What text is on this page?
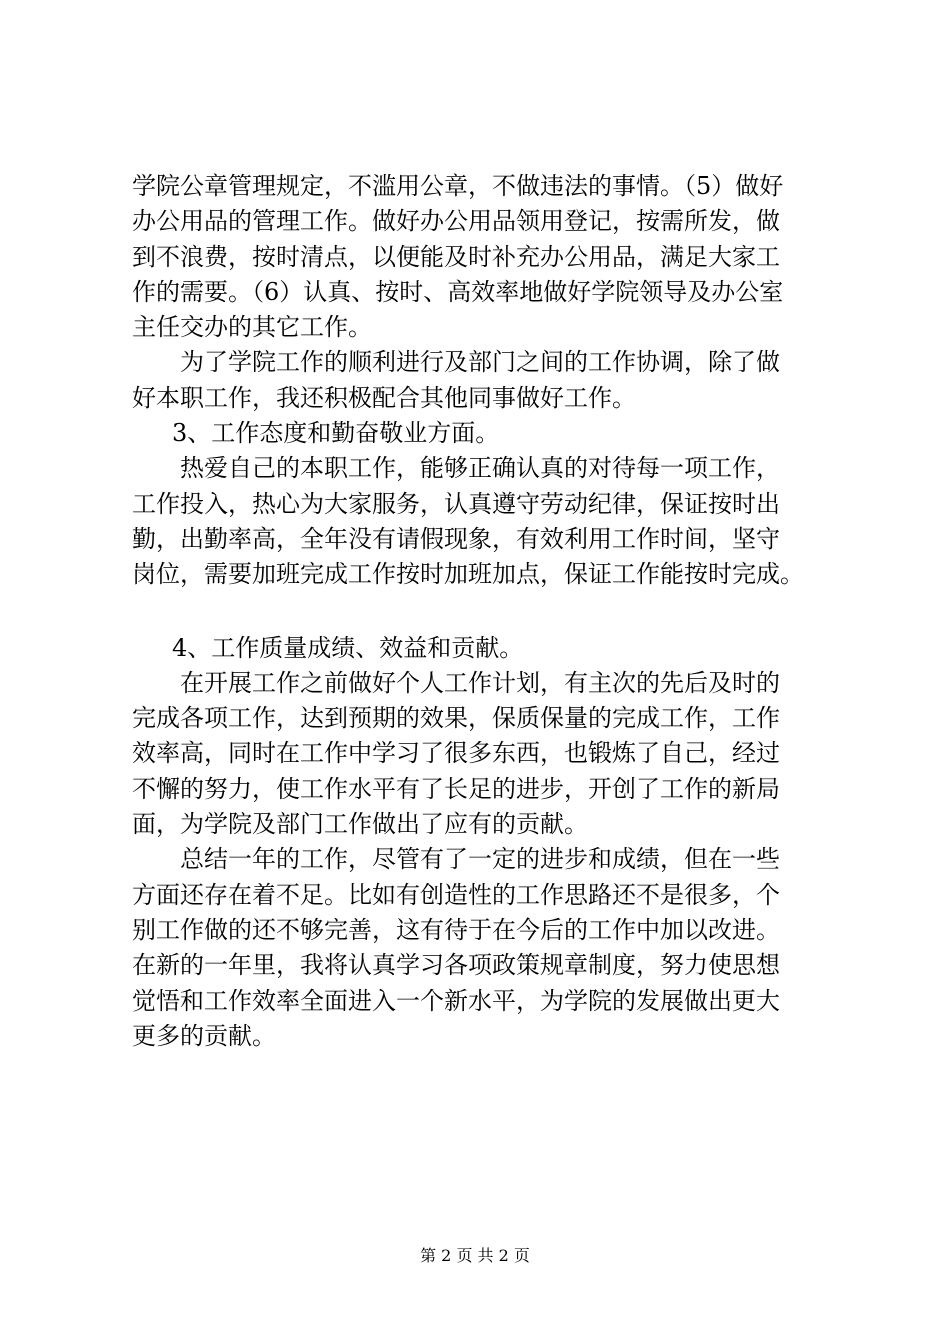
学院公章管理规定，不滥用公章，不做违法的事情。（5）做好
办公用品的管理工作。做好办公用品领用登记，按需所发，做
到不浪费，按时清点，以便能及时补充办公用品，满足大家工
作的需要。（6）认真、按时、高效率地做好学院领导及办公室
主任交办的其它工作。
为了学院工作的顺利进行及部门之间的工作协调，除了做
好本职工作，我还积极配合其他同事做好工作。
3、工作态度和勤奋敬业方面。
热爱自己的本职工作，能够正确认真的对待每一项工作，
工作投入，热心为大家服务，认真遵守劳动纪律，保证按时出
勤，出勤率高，全年没有请假现象，有效利用工作时间，坚守
岗位，需要加班完成工作按时加班加点，保证工作能按时完成。
4、工作质量成绩、效益和贡献。
在开展工作之前做好个人工作计划，有主次的先后及时的
完成各项工作，达到预期的效果，保质保量的完成工作，工作
效率高，同时在工作中学习了很多东西，也锻炼了自己，经过
不懈的努力，使工作水平有了长足的进步，开创了工作的新局
面，为学院及部门工作做出了应有的贡献。
总结一年的工作，尽管有了一定的进步和成绩，但在一些
方面还存在着不足。比如有创造性的工作思路还不是很多，个
别工作做的还不够完善，这有待于在今后的工作中加以改进。
在新的一年里，我将认真学习各项政策规章制度，努力使思想
觉悟和工作效率全面进入一个新水平，为学院的发展做出更大
更多的贡献。
第 2 页 共 2 页
